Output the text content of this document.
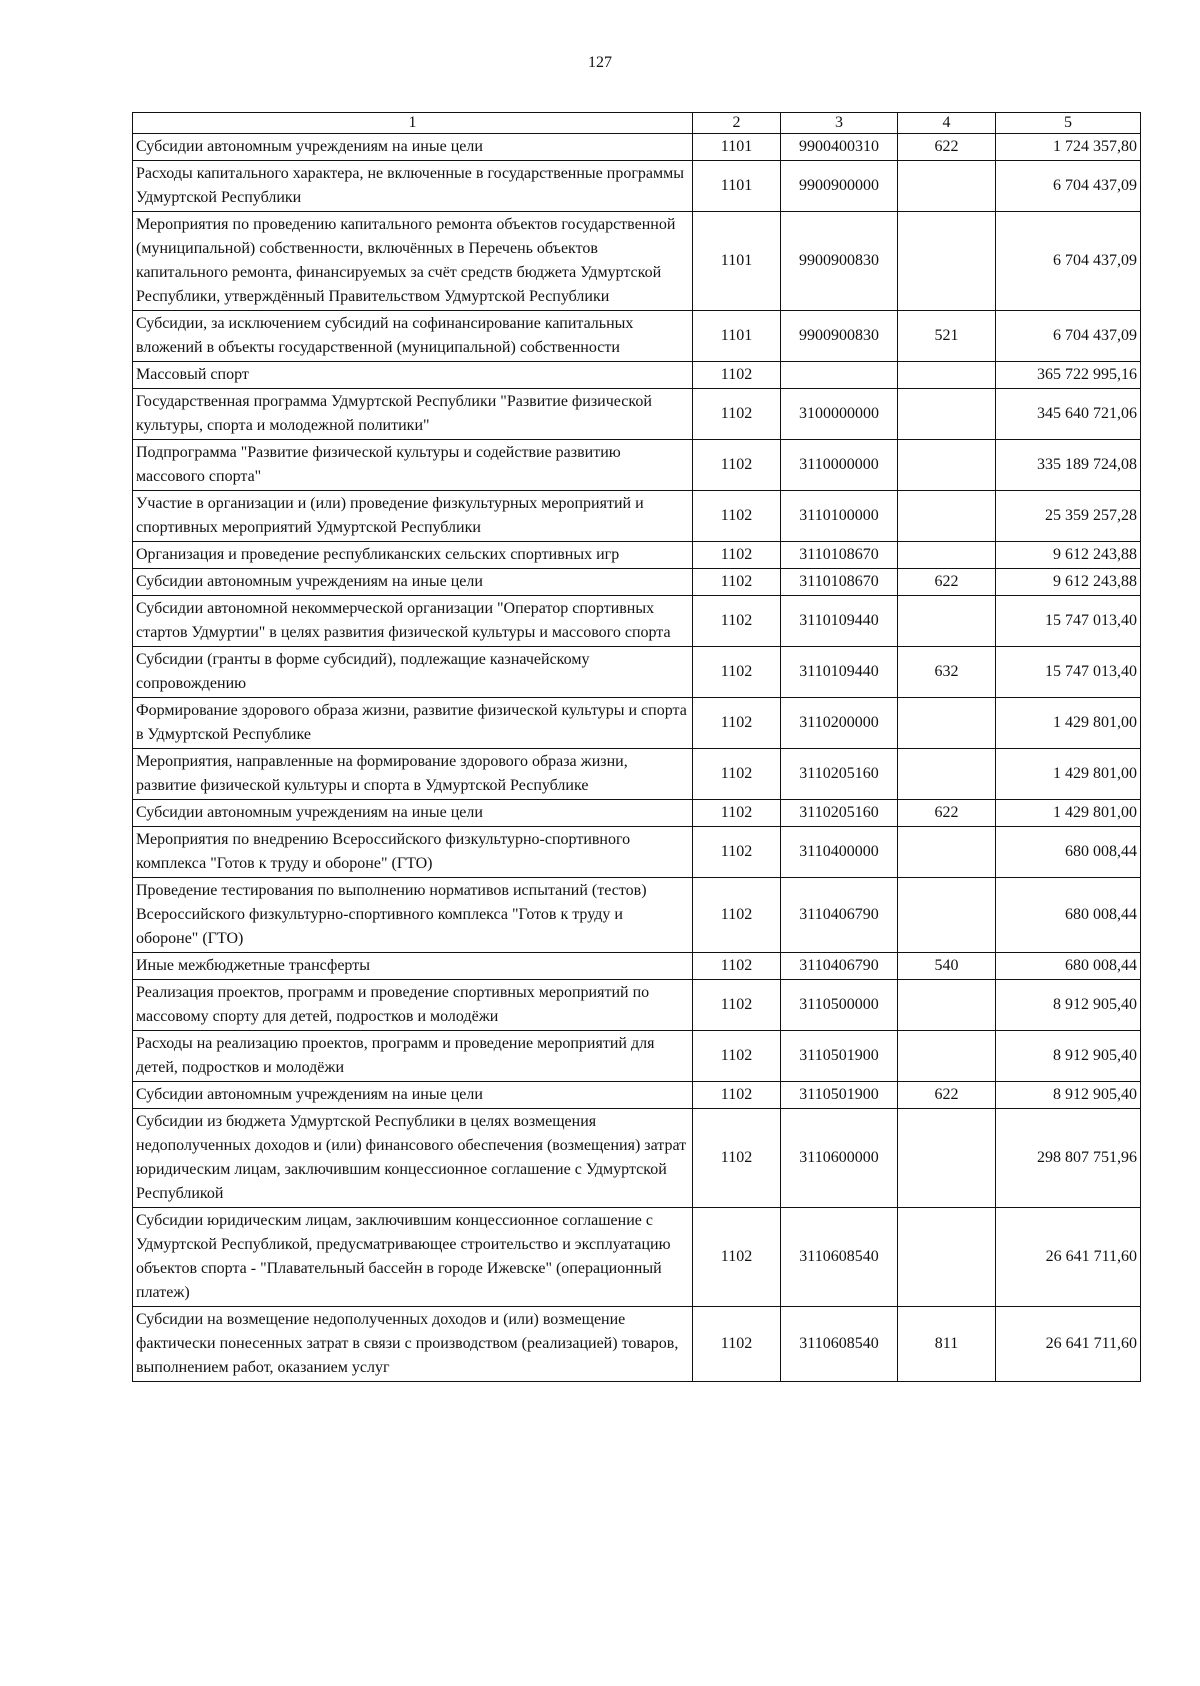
127
1	2	3	4	5
Субсидии автономным учреждениям на иные цели	1101	9900400310	622	1 724 357,80
Расходы капитального характера, не включенные в государственные программы Удмуртской Республики	1101	9900900000		6 704 437,09
Мероприятия по проведению капитального ремонта объектов государственной (муниципальной) собственности, включённых в Перечень объектов капитального ремонта, финансируемых за счёт средств бюджета Удмуртской Республики, утверждённый Правительством Удмуртской Республики	1101	9900900830		6 704 437,09
Субсидии, за исключением субсидий на софинансирование капитальных вложений в объекты государственной (муниципальной) собственности	1101	9900900830	521	6 704 437,09
Массовый спорт	1102			365 722 995,16
Государственная программа Удмуртской Республики "Развитие физической культуры, спорта и молодежной политики"	1102	3100000000		345 640 721,06
Подпрограмма "Развитие физической культуры и содействие развитию массового спорта"	1102	3110000000		335 189 724,08
Участие в организации и (или) проведение физкультурных мероприятий и спортивных мероприятий Удмуртской Республики	1102	3110100000		25 359 257,28
Организация и проведение республиканских сельских спортивных игр	1102	3110108670		9 612 243,88
Субсидии автономным учреждениям на иные цели	1102	3110108670	622	9 612 243,88
Субсидии автономной некоммерческой организации "Оператор спортивных стартов Удмуртии" в целях развития физической культуры и массового спорта	1102	3110109440		15 747 013,40
Субсидии (гранты в форме субсидий), подлежащие казначейскому сопровождению	1102	3110109440	632	15 747 013,40
Формирование здорового образа жизни, развитие физической культуры и спорта в Удмуртской Республике	1102	3110200000		1 429 801,00
Мероприятия, направленные на формирование здорового образа жизни, развитие физической культуры и спорта в Удмуртской Республике	1102	3110205160		1 429 801,00
Субсидии автономным учреждениям на иные цели	1102	3110205160	622	1 429 801,00
Мероприятия по внедрению Всероссийского физкультурно-спортивного комплекса "Готов к труду и обороне" (ГТО)	1102	3110400000		680 008,44
Проведение тестирования по выполнению нормативов испытаний (тестов) Всероссийского физкультурно-спортивного комплекса "Готов к труду и обороне" (ГТО)	1102	3110406790		680 008,44
Иные межбюджетные трансферты	1102	3110406790	540	680 008,44
Реализация проектов, программ и проведение спортивных мероприятий по массовому спорту для детей, подростков и молодёжи	1102	3110500000		8 912 905,40
Расходы на реализацию проектов, программ и проведение мероприятий для детей, подростков и молодёжи	1102	3110501900		8 912 905,40
Субсидии автономным учреждениям на иные цели	1102	3110501900	622	8 912 905,40
Субсидии из бюджета Удмуртской Республики в целях возмещения недополученных доходов и (или) финансового обеспечения (возмещения) затрат юридическим лицам, заключившим концессионное соглашение с Удмуртской Республикой	1102	3110600000		298 807 751,96
Субсидии юридическим лицам, заключившим концессионное соглашение с Удмуртской Республикой, предусматривающее строительство и эксплуатацию объектов спорта - "Плавательный бассейн в городе Ижевске" (операционный платеж)	1102	3110608540		26 641 711,60
Субсидии на возмещение недополученных доходов и (или) возмещение фактически понесенных затрат в связи с производством (реализацией) товаров, выполнением работ, оказанием услуг	1102	3110608540	811	26 641 711,60
